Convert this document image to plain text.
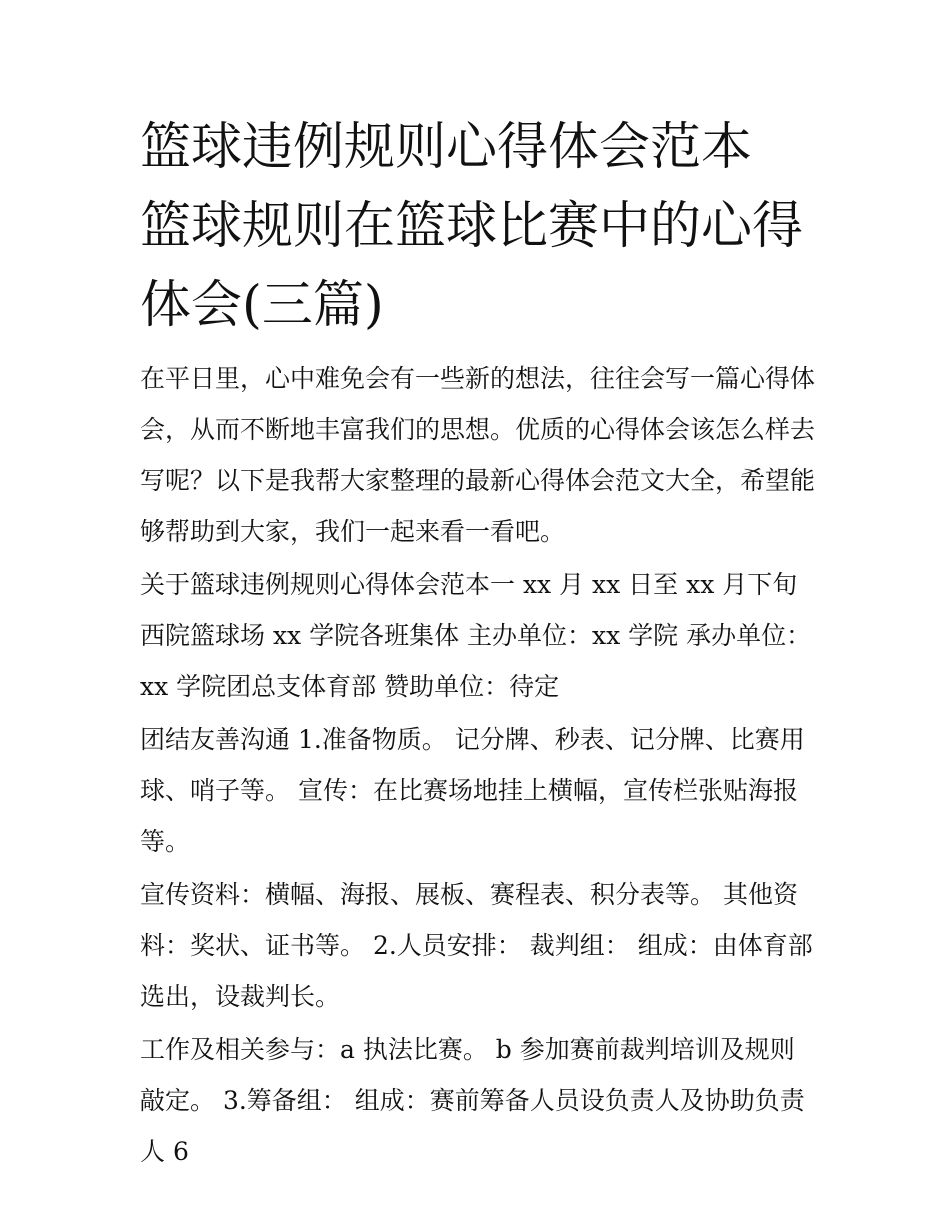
篮球违例规则心得体会范本 篮球规则在篮球比赛中的心得体会(三篇)

在平日里，心中难免会有一些新的想法，往往会写一篇心得体会，从而不断地丰富我们的思想。优质的心得体会该怎么样去写呢？以下是我帮大家整理的最新心得体会范文大全，希望能够帮助到大家，我们一起来看一看吧。

关于篮球违例规则心得体会范本一 xx 月 xx 日至 xx 月下旬 西院篮球场 xx 学院各班集体 主办单位：xx 学院 承办单位：xx 学院团总支体育部 赞助单位：待定

团结友善沟通 1.准备物质。 记分牌、秒表、记分牌、比赛用球、哨子等。 宣传：在比赛场地挂上横幅，宣传栏张贴海报等。

宣传资料：横幅、海报、展板、赛程表、积分表等。 其他资料：奖状、证书等。 2.人员安排： 裁判组： 组成：由体育部选出，设裁判长。

工作及相关参与：a 执法比赛。 b 参加赛前裁判培训及规则敲定。 3.筹备组： 组成：赛前筹备人员设负责人及协助负责人 6
